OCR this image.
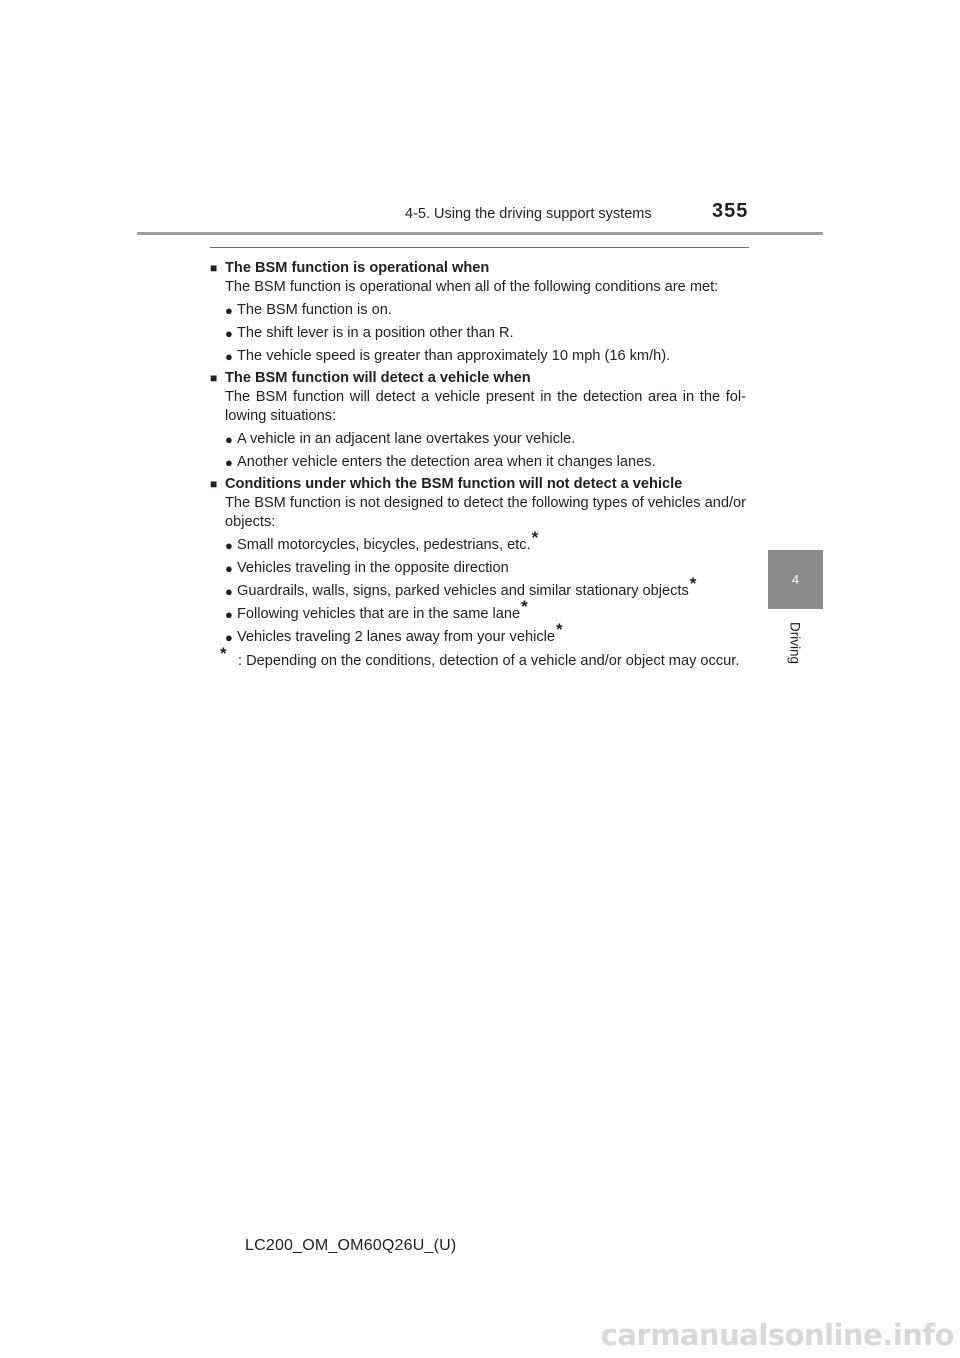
4-5. Using the driving support systems	355
4
Driving
■ The BSM function is operational when
The BSM function is operational when all of the following conditions are met:
● The BSM function is on.
● The shift lever is in a position other than R.
● The vehicle speed is greater than approximately 10 mph (16 km/h).
■ The BSM function will detect a vehicle when
The BSM function will detect a vehicle present in the detection area in the fol-lowing situations:
● A vehicle in an adjacent lane overtakes your vehicle.
● Another vehicle enters the detection area when it changes lanes.
■ Conditions under which the BSM function will not detect a vehicle
The BSM function is not designed to detect the following types of vehicles and/or objects:
● Small motorcycles, bicycles, pedestrians, etc.*
● Vehicles traveling in the opposite direction
● Guardrails, walls, signs, parked vehicles and similar stationary objects*
● Following vehicles that are in the same lane*
● Vehicles traveling 2 lanes away from your vehicle*
* : Depending on the conditions, detection of a vehicle and/or object may occur.
LC200_OM_OM60Q26U_(U)
carmanualsonline.info
